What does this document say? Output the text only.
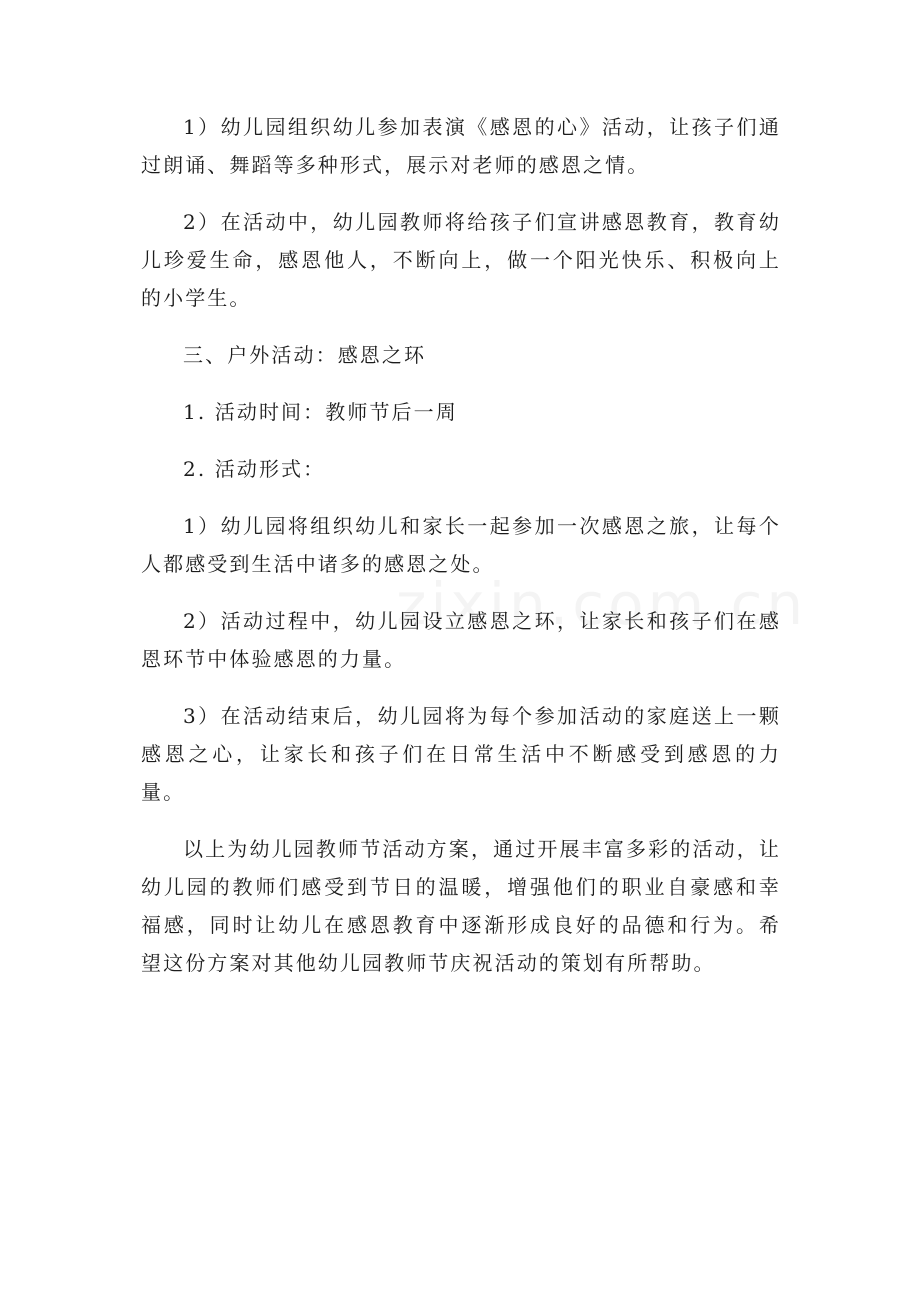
1）幼儿园组织幼儿参加表演《感恩的心》活动，让孩子们通过朗诵、舞蹈等多种形式，展示对老师的感恩之情。

2）在活动中，幼儿园教师将给孩子们宣讲感恩教育，教育幼儿珍爱生命，感恩他人，不断向上，做一个阳光快乐、积极向上的小学生。

三、户外活动：感恩之环

1. 活动时间：教师节后一周

2. 活动形式：

1）幼儿园将组织幼儿和家长一起参加一次感恩之旅，让每个人都感受到生活中诸多的感恩之处。

2）活动过程中，幼儿园设立感恩之环，让家长和孩子们在感恩环节中体验感恩的力量。

3）在活动结束后，幼儿园将为每个参加活动的家庭送上一颗感恩之心，让家长和孩子们在日常生活中不断感受到感恩的力量。

以上为幼儿园教师节活动方案，通过开展丰富多彩的活动，让幼儿园的教师们感受到节日的温暖，增强他们的职业自豪感和幸福感，同时让幼儿在感恩教育中逐渐形成良好的品德和行为。希望这份方案对其他幼儿园教师节庆祝活动的策划有所帮助。
